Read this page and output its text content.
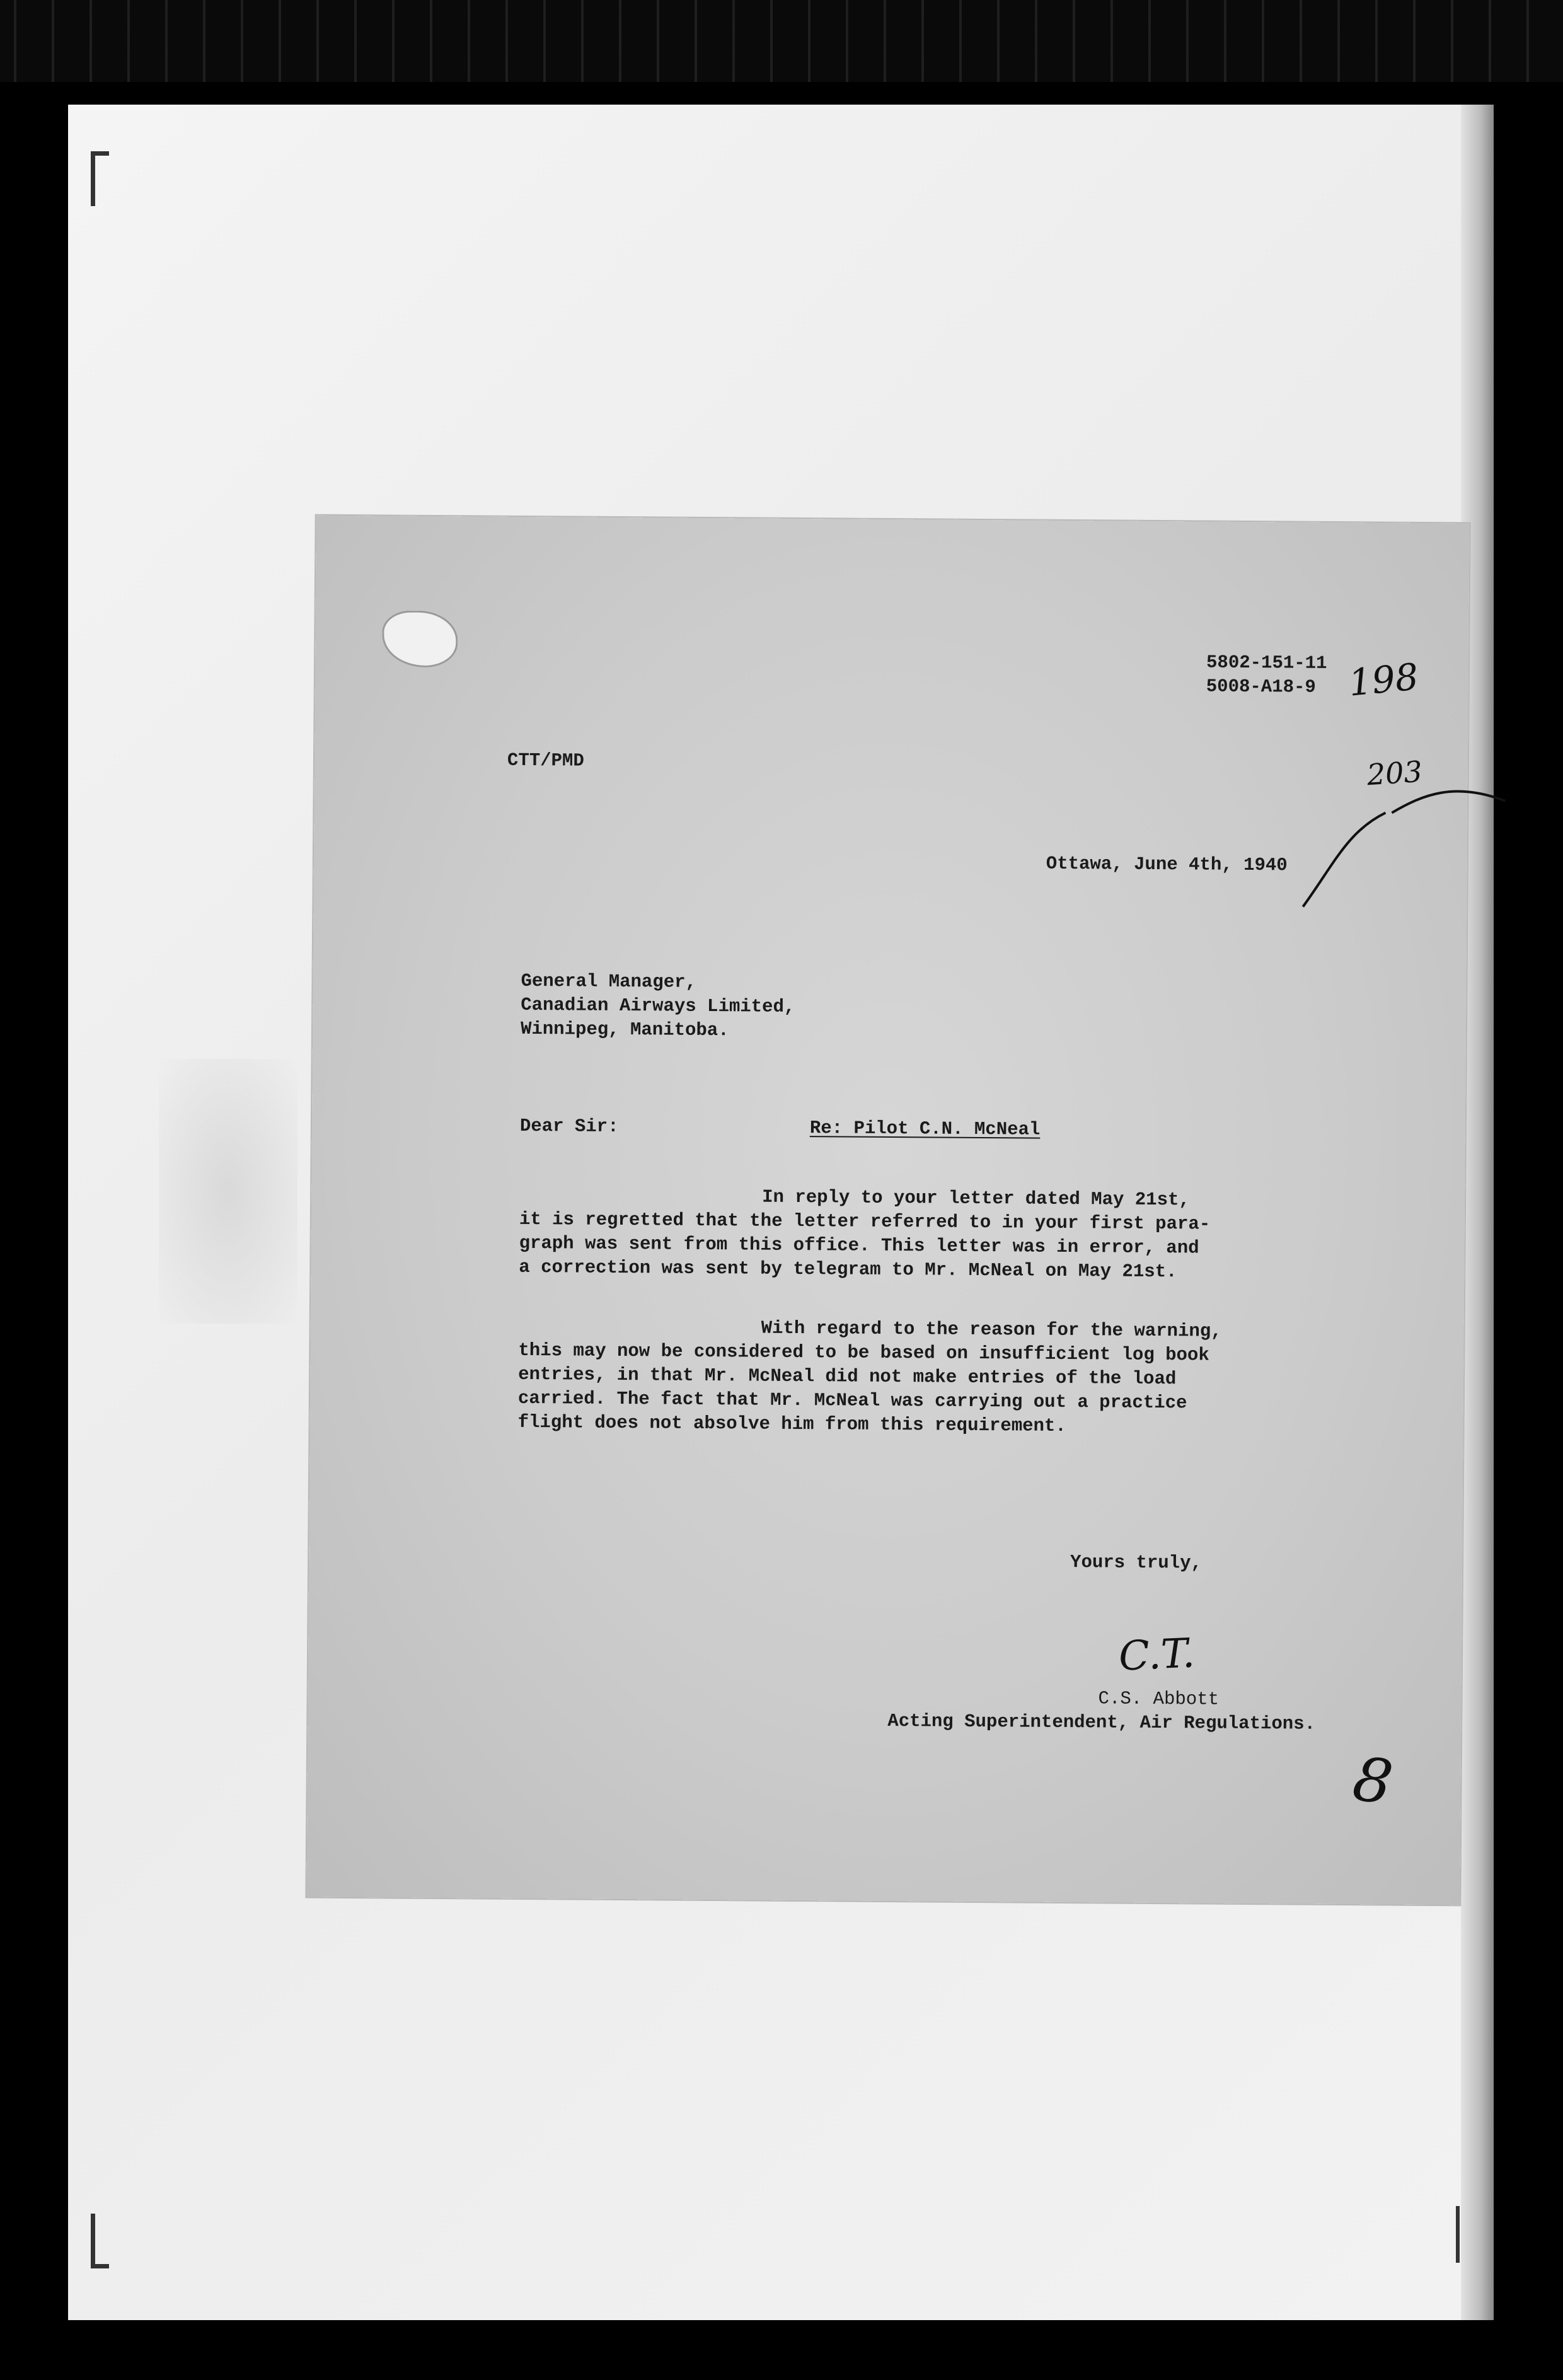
5802-151-11
5008-A18-9 198
203
CTT/PMD
Ottawa, June 4th, 1940
General Manager,
Canadian Airways Limited,
Winnipeg, Manitoba.
Dear Sir:	Re: Pilot C.N. McNeal
In reply to your letter dated May 21st,
it is regretted that the letter referred to in your first para-
graph was sent from this office. This letter was in error, and
a correction was sent by telegram to Mr. McNeal on May 21st.
With regard to the reason for the warning,
this may now be considered to be based on insufficient log book
entries, in that Mr. McNeal did not make entries of the load
carried. The fact that Mr. McNeal was carrying out a practice
flight does not absolve him from this requirement.
Yours truly,
C.T.
C.S. Abbott
Acting Superintendent, Air Regulations.
8
